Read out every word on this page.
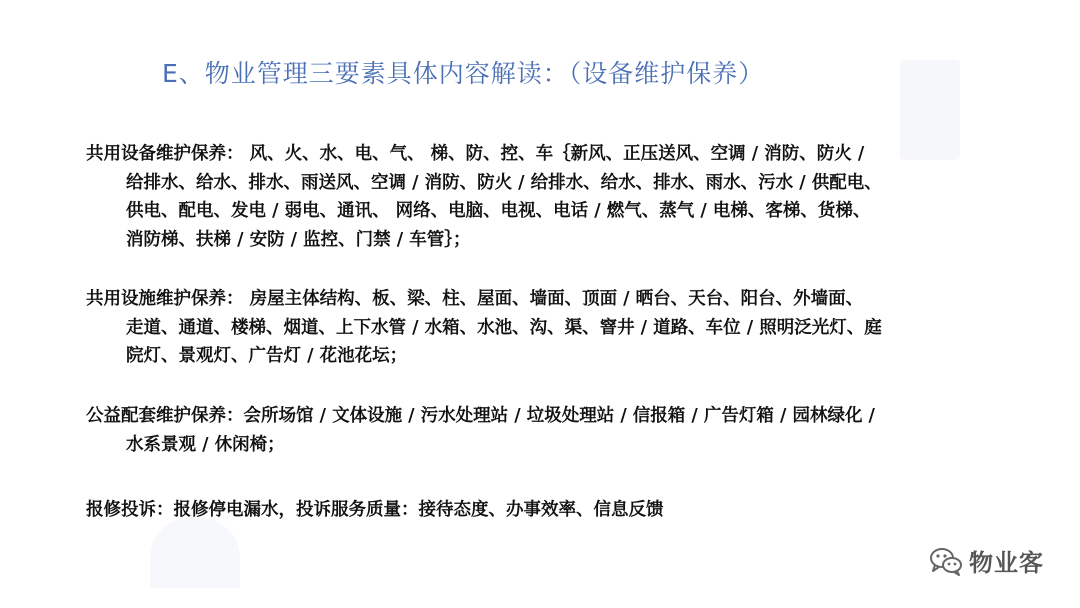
E、物业管理三要素具体内容解读：（设备维护保养）
共用设备维护保养： 风、火、水、电、气、 梯、防、控、车｛新风、正压送风、空调 / 消防、防火 /
给排水、给水、排水、雨送风、空调 / 消防、防火 / 给排水、给水、排水、雨水、污水 / 供配电、
供电、配电、发电 / 弱电、通讯、 网络、电脑、电视、电话 / 燃气、蒸气 / 电梯、客梯、货梯、
消防梯、扶梯 / 安防 / 监控、门禁 / 车管｝；
共用设施维护保养： 房屋主体结构、板、梁、柱、屋面、墙面、顶面 / 晒台、天台、阳台、外墙面、
走道、通道、楼梯、烟道、上下水管 / 水箱、水池、沟、渠、窨井 / 道路、车位 / 照明泛光灯、庭
院灯、景观灯、广告灯 / 花池花坛；
公益配套维护保养：会所场馆 / 文体设施 / 污水处理站 / 垃圾处理站 / 信报箱 / 广告灯箱 / 园林绿化 /
水系景观 / 休闲椅；
报修投诉：报修停电漏水，投诉服务质量：接待态度、办事效率、信息反馈
物业客
